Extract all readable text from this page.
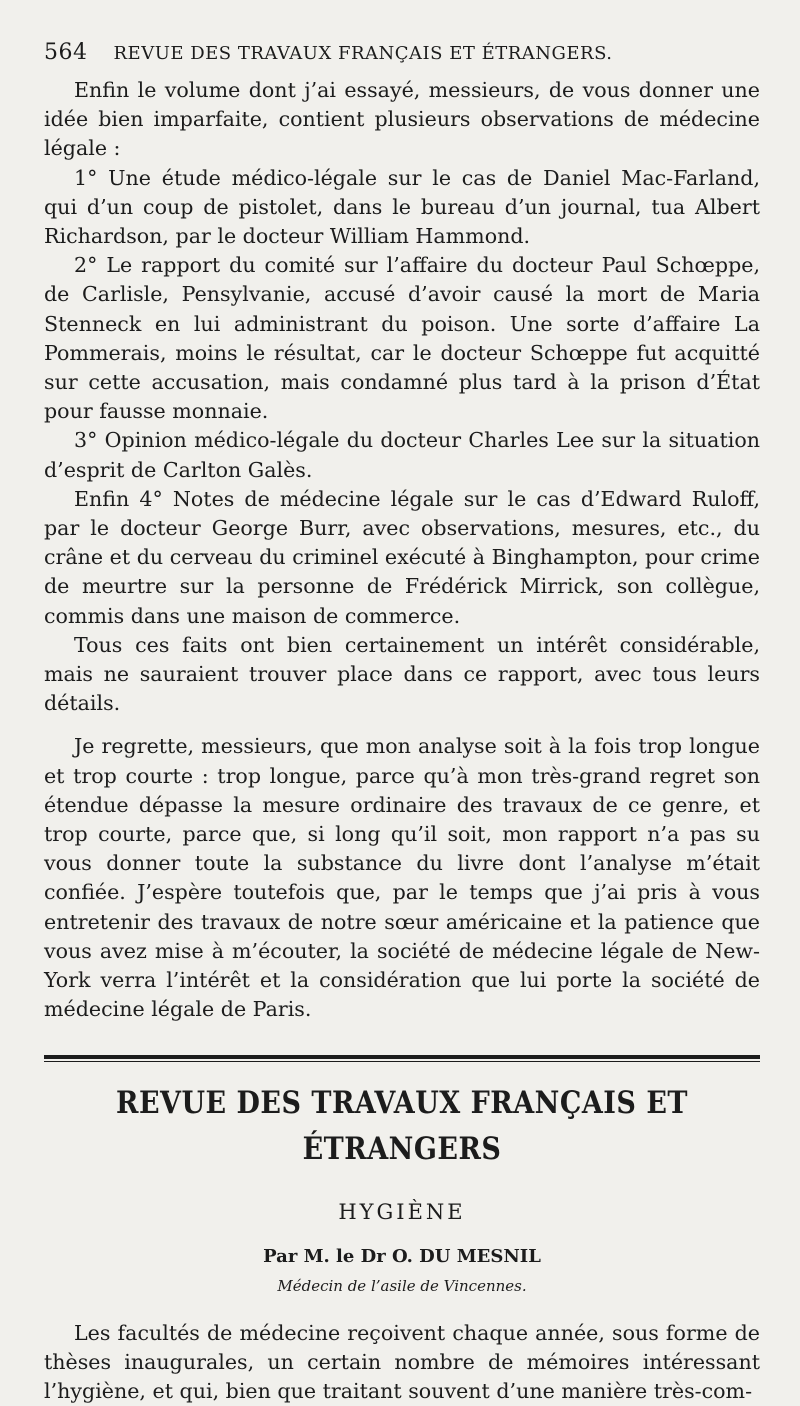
564 REVUE DES TRAVAUX FRANÇAIS ET ÉTRANGERS.

Enfin le volume dont j’ai essayé, messieurs, de vous donner une idée bien imparfaite, contient plusieurs observations de médecine légale :

1° Une étude médico-légale sur le cas de Daniel Mac-Farland, qui d’un coup de pistolet, dans le bureau d’un journal, tua Albert Richardson, par le docteur William Hammond.

2° Le rapport du comité sur l’affaire du docteur Paul Schœppe, de Carlisle, Pensylvanie, accusé d’avoir causé la mort de Maria Stenneck en lui administrant du poison. Une sorte d’affaire La Pommerais, moins le résultat, car le docteur Schœppe fut acquitté sur cette accusation, mais condamné plus tard à la prison d’État pour fausse monnaie.

3° Opinion médico-légale du docteur Charles Lee sur la situation d’esprit de Carlton Galès.

Enfin 4° Notes de médecine légale sur le cas d’Edward Ruloff, par le docteur George Burr, avec observations, mesures, etc., du crâne et du cerveau du criminel exécuté à Binghampton, pour crime de meurtre sur la personne de Frédérick Mirrick, son collègue, commis dans une maison de commerce.

Tous ces faits ont bien certainement un intérêt considérable, mais ne sauraient trouver place dans ce rapport, avec tous leurs détails.

Je regrette, messieurs, que mon analyse soit à la fois trop longue et trop courte : trop longue, parce qu’à mon très-grand regret son étendue dépasse la mesure ordinaire des travaux de ce genre, et trop courte, parce que, si long qu’il soit, mon rapport n’a pas su vous donner toute la substance du livre dont l’analyse m’était confiée. J’espère toutefois que, par le temps que j’ai pris à vous entretenir des travaux de notre sœur américaine et la patience que vous avez mise à m’écouter, la société de médecine légale de New-York verra l’intérêt et la considération que lui porte la société de médecine légale de Paris.

REVUE DES TRAVAUX FRANÇAIS ET ÉTRANGERS
HYGIÈNE
Par M. le Dr O. DU MESNIL
Médecin de l’asile de Vincennes.

Les facultés de médecine reçoivent chaque année, sous forme de thèses inaugurales, un certain nombre de mémoires intéressant l’hygiène, et qui, bien que traitant souvent d’une manière très-com-
